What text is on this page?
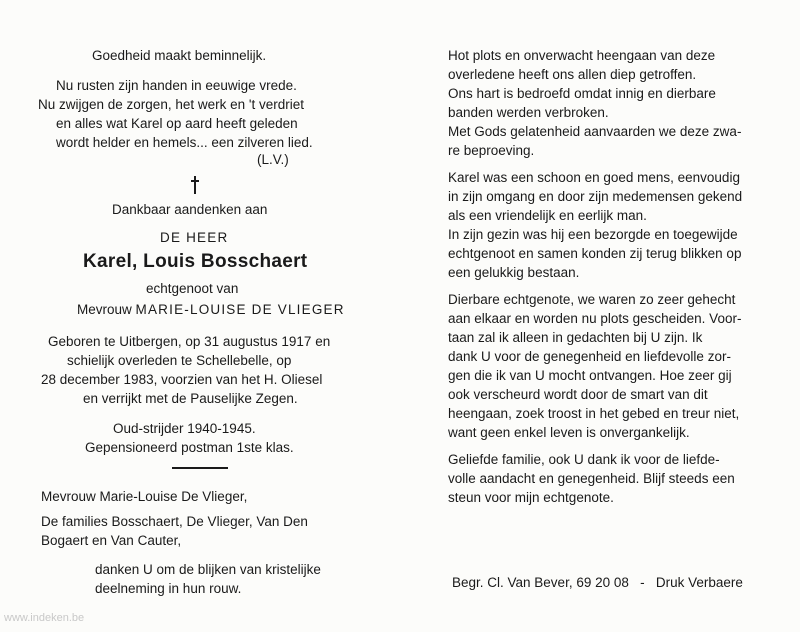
Goedheid maakt beminnelijk.
Nu rusten zijn handen in eeuwige vrede.
Nu zwijgen de zorgen, het werk en 't verdriet
en alles wat Karel op aard heeft geleden
wordt helder en hemels... een zilveren lied.
(L.V.)
Dankbaar aandenken aan
DE HEER
Karel, Louis Bosschaert
echtgenoot van
Mevrouw MARIE-LOUISE DE VLIEGER
Geboren te Uitbergen, op 31 augustus 1917 en
schielijk overleden te Schellebelle, op
28 december 1983, voorzien van het H. Oliesel
en verrijkt met de Pauselijke Zegen.
Oud-strijder 1940-1945.
Gepensioneerd postman 1ste klas.
Mevrouw Marie-Louise De Vlieger,
De families Bosschaert, De Vlieger, Van Den
Bogaert en Van Cauter,
danken U om de blijken van kristelijke
deelneming in hun rouw.
Hot plots en onverwacht heengaan van deze
overledene heeft ons allen diep getroffen.
Ons hart is bedroefd omdat innig en dierbare
banden werden verbroken.
Met Gods gelatenheid aanvaarden we deze zwa-
re beproeving.
Karel was een schoon en goed mens, eenvoudig
in zijn omgang en door zijn medemensen gekend
als een vriendelijk en eerlijk man.
In zijn gezin was hij een bezorgde en toegewijde
echtgenoot en samen konden zij terug blikken op
een gelukkig bestaan.
Dierbare echtgenote, we waren zo zeer gehecht
aan elkaar en worden nu plots gescheiden. Voor-
taan zal ik alleen in gedachten bij U zijn. Ik
dank U voor de genegenheid en liefdevolle zor-
gen die ik van U mocht ontvangen. Hoe zeer gij
ook verscheurd wordt door de smart van dit
heengaan, zoek troost in het gebed en treur niet,
want geen enkel leven is onvergankelijk.
Geliefde familie, ook U dank ik voor de liefde-
volle aandacht en genegenheid. Blijf steeds een
steun voor mijn echtgenote.
Begr. Cl. Van Bever, 69 20 08   -   Druk Verbaere
www.indeken.be
